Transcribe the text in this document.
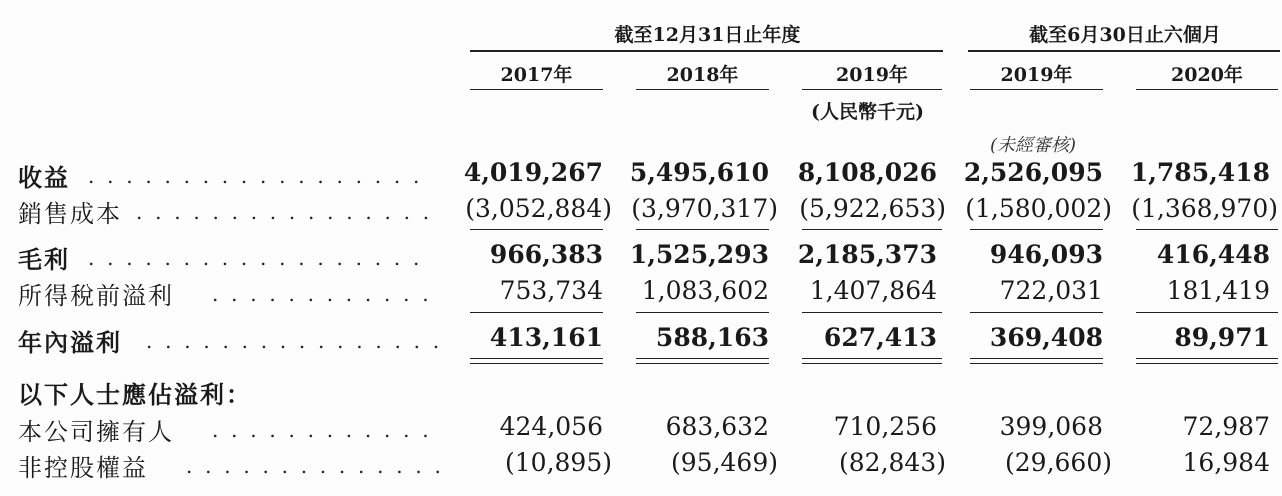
截至12月31日止年度	截至6月30日止六個月
2017年	2018年	2019年	2019年	2020年
(人民幣千元)
(未經審核)
收益 . . . . . . . . . . . . . . . . . .	4,019,267	5,495,610	8,108,026	2,526,095	1,785,418
銷售成本 . . . . . . . . . . . . . . . .	(3,052,884) (3,970,317) (5,922,653) (1,580,002) (1,368,970)
毛利 . . . . . . . . . . . . . . . . . .	966,383	1,525,293	2,185,373	946,093	416,448
所得稅前溢利 . . . . . . . . . . . .	753,734	1,083,602	1,407,864	722,031	181,419
年內溢利 . . . . . . . . . . . . . . . .	413,161	588,163	627,413	369,408	89,971
以下人士應佔溢利：
本公司擁有人 . . . . . . . . . . . .	424,056	683,632	710,256	399,068	72,987
非控股權益 . . . . . . . . . . . . . .	(10,895)	(95,469)	(82,843)	(29,660)	16,984
